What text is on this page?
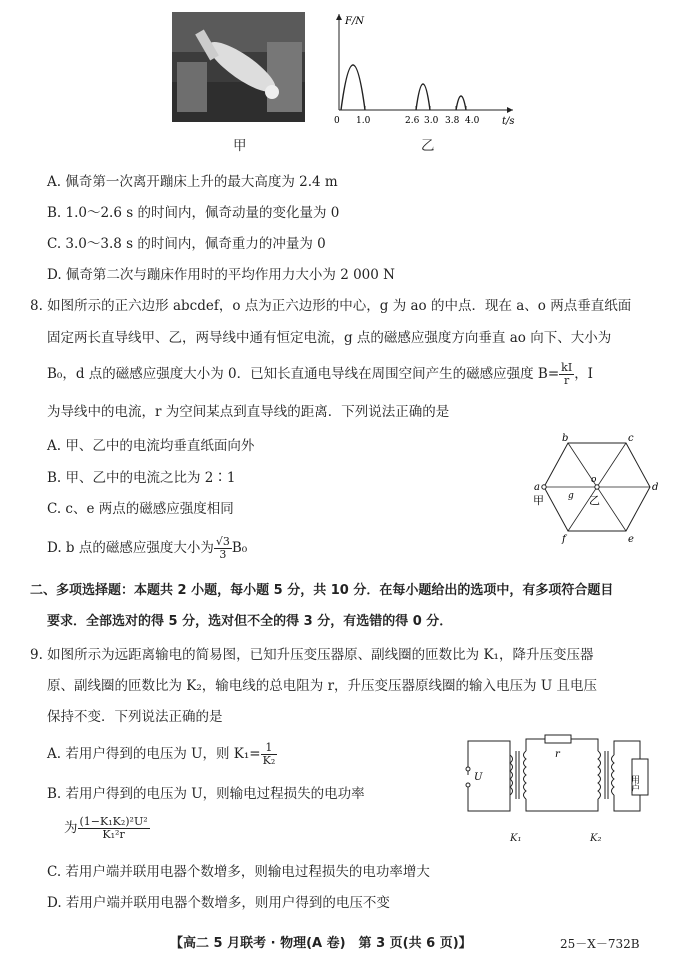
甲
F/N
t/s
0 1.0	2.6 3.0 3.8 4.0
乙
A. 佩奇第一次离开蹦床上升的最大高度为 2.4 m
B. 1.0～2.6 s 的时间内，佩奇动量的变化量为 0
C. 3.0～3.8 s 的时间内，佩奇重力的冲量为 0
D. 佩奇第二次与蹦床作用时的平均作用力大小为 2 000 N
8. 如图所示的正六边形 abcdef，o 点为正六边形的中心，g 为 ao 的中点．现在 a、o 两点垂直纸面
固定两长直导线甲、乙，两导线中通有恒定电流，g 点的磁感应强度方向垂直 ao 向下、大小为
B₀，d 点的磁感应强度大小为 0．已知长直通电导线在周围空间产生的磁感应强度 $B= \frac{kI}{r}$ ，I
为导线中的电流，r 为空间某点到直导线的距离．下列说法正确的是
A. 甲、乙中的电流均垂直纸面向外
B. 甲、乙中的电流之比为 2∶1
C. c、e 两点的磁感应强度相同
D. b 点的磁感应强度大小为 $\frac{√3}{3} B_0$
a
b	c
d
e
f
g
o
甲	乙
二、多项选择题：本题共 2 小题，每小题 5 分，共 10 分．在每小题给出的选项中，有多项符合题目
要求．全部选对的得 5 分，选对但不全的得 3 分，有选错的得 0 分．
9. 如图所示为远距离输电的简易图，已知升压变压器原、副线圈的匝数比为 K₁，降升压变压器
原、副线圈的匝数比为 K₂，输电线的总电阻为 r，升压变压器原线圈的输入电压为 U 且电压
保持不变．下列说法正确的是
A. 若用户得到的电压为 U，则 $K_1= \frac{1}{\text{K₂}}$
B. 若用户得到的电压为 U，则输电过程损失的电功率
为 $\frac{\text{(1−K₁K₂)²U²}}{\text{K₁²r}}$
C. 若用户端并联用电器个数增多，则输电过程损失的电功率增大
D. 若用户端并联用电器个数增多，则用户得到的电压不变
U
r
用户
K₁	K₂
【高二 5 月联考 · 物理(A 卷)　第 3 页(共 6 页)】	25－X－732B
